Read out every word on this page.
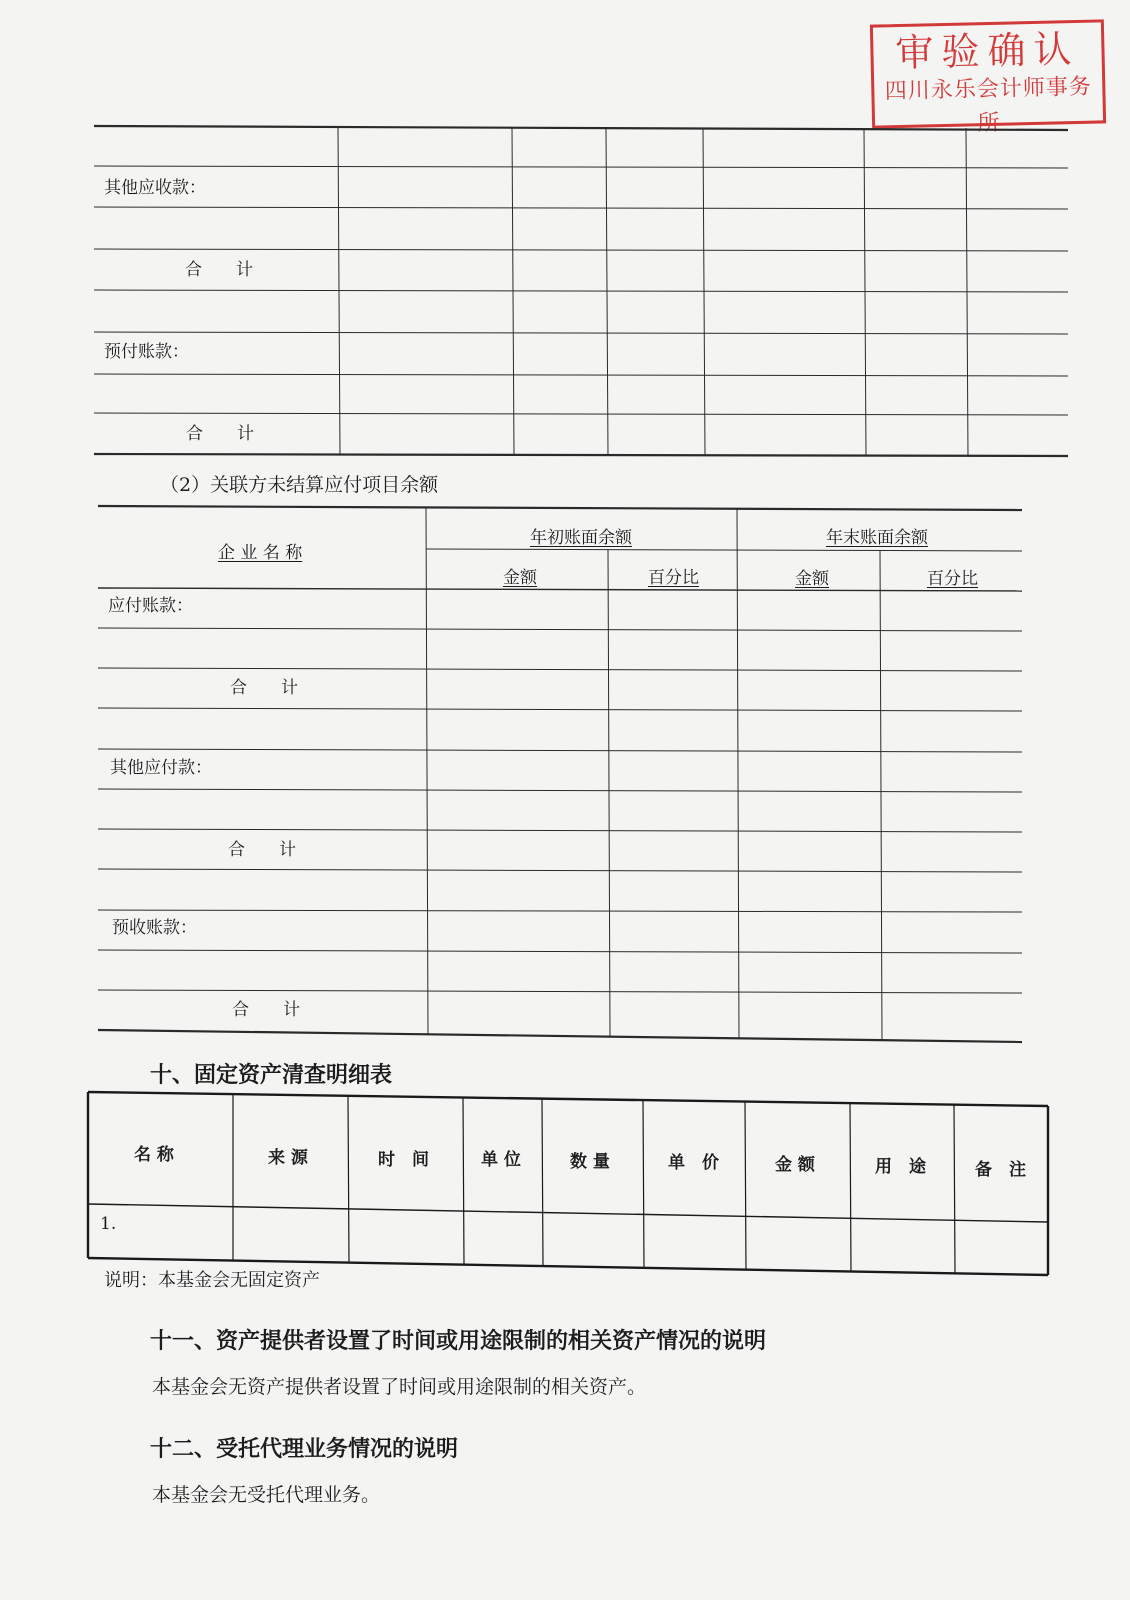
审验确认
四川永乐会计师事务所
其他应收款：
合　　计
预付账款：
合　　计
（2）关联方未结算应付项目余额
企 业 名 称
年初账面余额	年末账面余额
金额	百分比	金额	百分比
应付账款：
合　　计
其他应付款：
合　　计
预收账款：
合　　计
十、固定资产清查明细表
名 称	来 源	时　间	单 位	数 量	单　价	金 额	用　途	备　注
1.
说明：本基金会无固定资产
十一、资产提供者设置了时间或用途限制的相关资产情况的说明
本基金会无资产提供者设置了时间或用途限制的相关资产。
十二、受托代理业务情况的说明
本基金会无受托代理业务。
